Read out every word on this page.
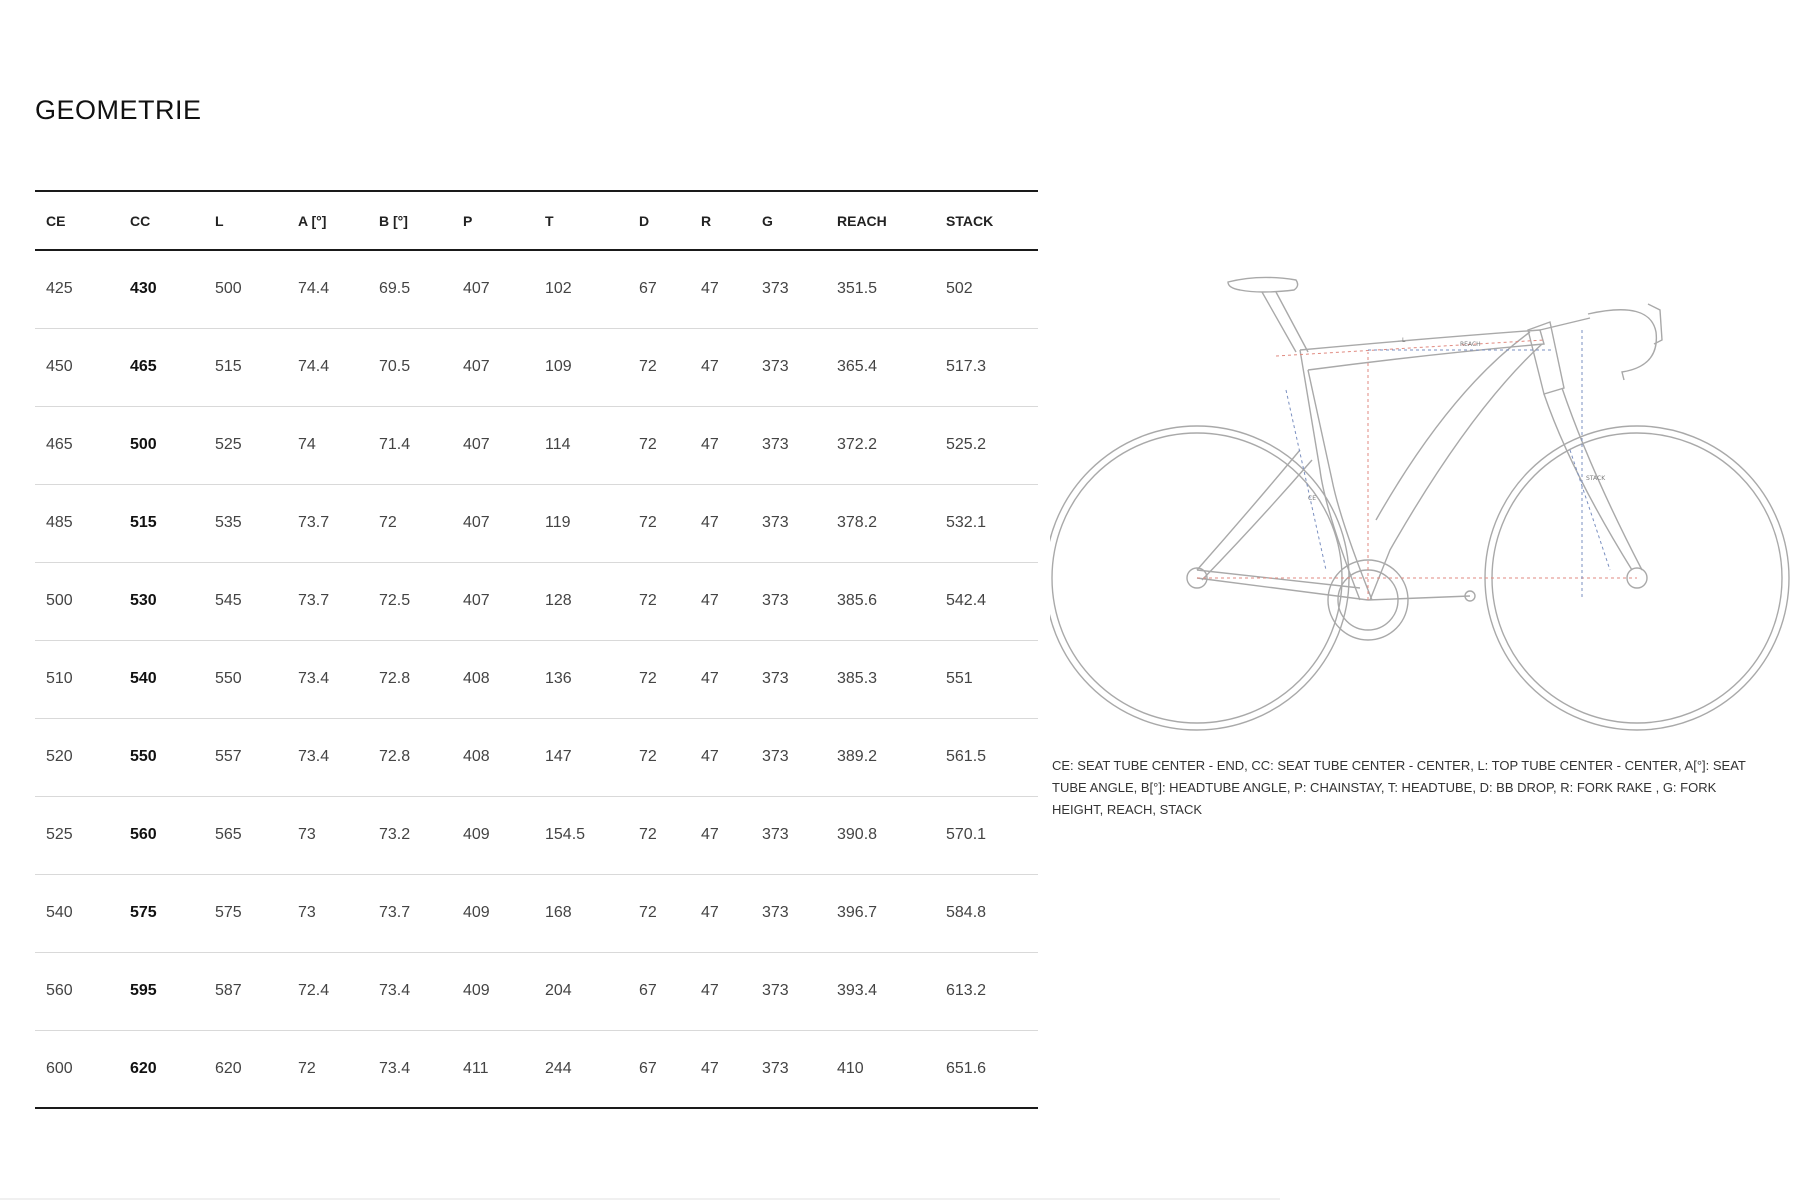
GEOMETRIE
CE	CC	L	A [°]	B [°]	P	T	D	R	G	REACH	STACK
425	430	500	74.4	69.5	407	102	67	47	373	351.5	502
450	465	515	74.4	70.5	407	109	72	47	373	365.4	517.3
465	500	525	74	71.4	407	114	72	47	373	372.2	525.2
485	515	535	73.7	72	407	119	72	47	373	378.2	532.1
500	530	545	73.7	72.5	407	128	72	47	373	385.6	542.4
510	540	550	73.4	72.8	408	136	72	47	373	385.3	551
520	550	557	73.4	72.8	408	147	72	47	373	389.2	561.5
525	560	565	73	73.2	409	154.5	72	47	373	390.8	570.1
540	575	575	73	73.7	409	168	72	47	373	396.7	584.8
560	595	587	72.4	73.4	409	204	67	47	373	393.4	613.2
600	620	620	72	73.4	411	244	67	47	373	410	651.6
L
REACH
STACK
CE

CE: SEAT TUBE CENTER - END, CC: SEAT TUBE CENTER - CENTER, L: TOP TUBE CENTER - CENTER, A[°]: SEAT TUBE ANGLE, B[°]: HEADTUBE ANGLE, P: CHAINSTAY, T: HEADTUBE, D: BB DROP, R: FORK RAKE , G: FORK HEIGHT, REACH, STACK
